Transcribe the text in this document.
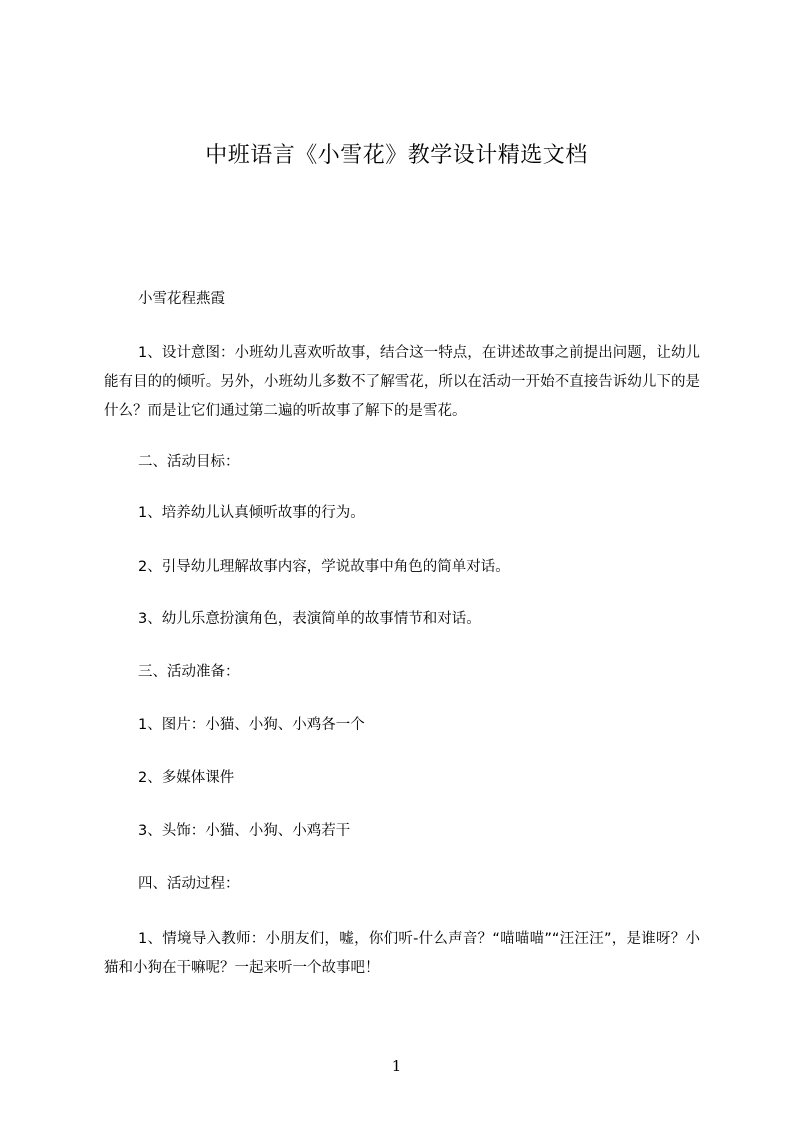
中班语言《小雪花》教学设计精选文档
小雪花程燕霞
1、设计意图：小班幼儿喜欢听故事，结合这一特点，在讲述故事之前提出问题，让幼儿能有目的的倾听。另外，小班幼儿多数不了解雪花，所以在活动一开始不直接告诉幼儿下的是什么？而是让它们通过第二遍的听故事了解下的是雪花。
二、活动目标：
1、培养幼儿认真倾听故事的行为。
2、引导幼儿理解故事内容，学说故事中角色的简单对话。
3、幼儿乐意扮演角色，表演简单的故事情节和对话。
三、活动准备：
1、图片：小猫、小狗、小鸡各一个
2、多媒体课件
3、头饰：小猫、小狗、小鸡若干
四、活动过程：
1、情境导入教师：小朋友们，嘘，你们听-什么声音？“喵喵喵”“汪汪汪”，是谁呀？小猫和小狗在干嘛呢？一起来听一个故事吧！
1
